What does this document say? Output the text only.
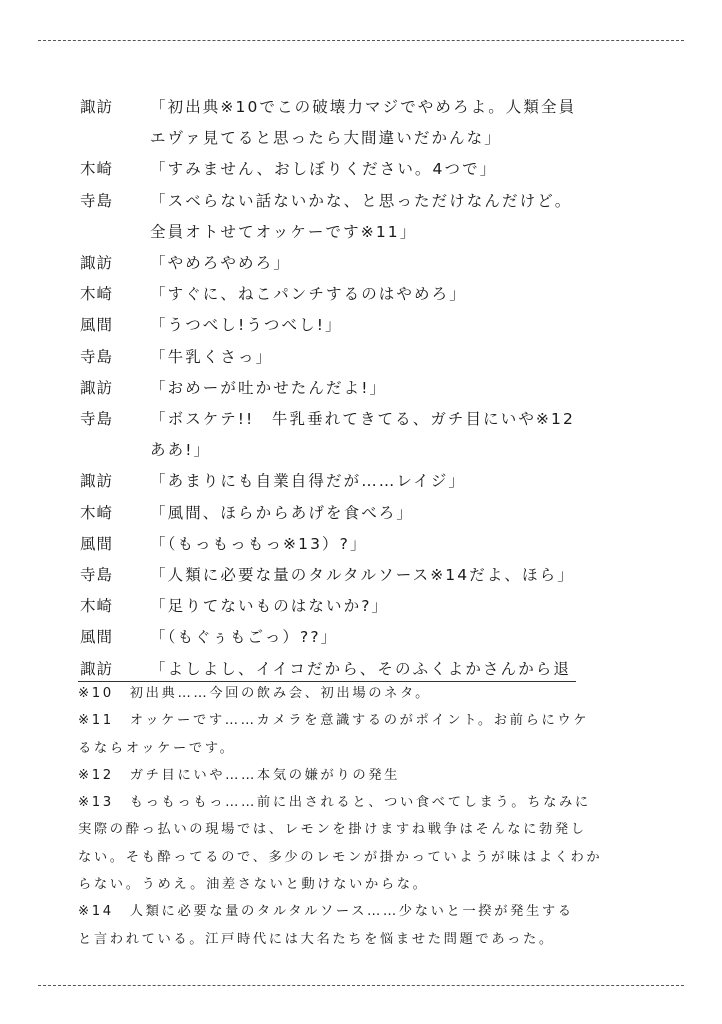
諏訪	「初出典※10でこの破壊力マジでやめろよ。人類全員
エヴァ見てると思ったら大間違いだかんな」
木崎	「すみません、おしぼりください。4つで」
寺島	「スベらない話ないかな、と思っただけなんだけど。
全員オトせてオッケーです※11」
諏訪	「やめろやめろ」
木崎	「すぐに、ねこパンチするのはやめろ」
風間	「うつべし!うつべし!」
寺島	「牛乳くさっ」
諏訪	「おめーが吐かせたんだよ!」
寺島	「ボスケテ!!　牛乳垂れてきてる、ガチ目にいや※12
ああ!」
諏訪	「あまりにも自業自得だが……レイジ」
木崎	「風間、ほらからあげを食べろ」
風間	「（もっもっもっ※13）?」
寺島	「人類に必要な量のタルタルソース※14だよ、ほら」
木崎	「足りてないものはないか?」
風間	「（もぐぅもごっ）??」
諏訪	「よしよし、イイコだから、そのふくよかさんから退
※10　初出典……今回の飲み会、初出場のネタ。
※11　オッケーです……カメラを意識するのがポイント。お前らにウケ
るならオッケーです。
※12　ガチ目にいや……本気の嫌がりの発生
※13　もっもっもっ……前に出されると、つい食べてしまう。ちなみに
実際の酔っ払いの現場では、レモンを掛けますね戦争はそんなに勃発し
ない。そも酔ってるので、多少のレモンが掛かっていようが味はよくわか
らない。うめえ。油差さないと動けないからな。
※14　人類に必要な量のタルタルソース……少ないと一揆が発生する
と言われている。江戸時代には大名たちを悩ませた問題であった。
